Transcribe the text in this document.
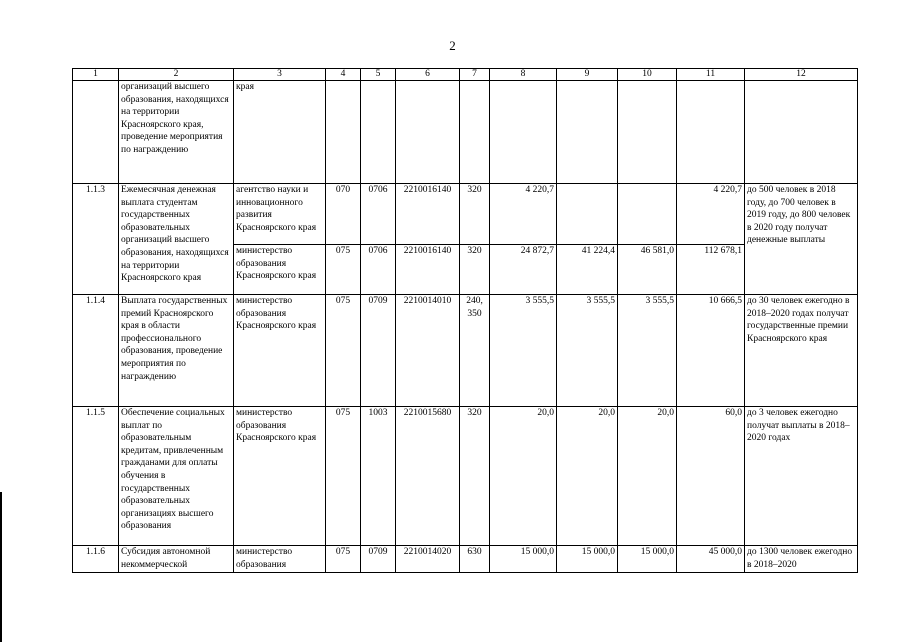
2
1	2	3	4	5	6	7	8	9	10	11	12
	организаций высшего образования, находящихся на территории Красноярского края, проведение мероприятия по награждению	края									
1.1.3	Ежемесячная денежная выплата студентам государственных образовательных организаций высшего образования, находящихся на территории Красноярского края	агентство науки и инновационного развития Красноярского края	070	0706	2210016140	320	4 220,7			4 220,7	до 500 человек в 2018 году, до 700 человек в 2019 году, до 800 человек в 2020 году получат денежные выплаты
		министерство образования Красноярского края	075	0706	2210016140	320	24 872,7	41 224,4	46 581,0	112 678,1	
1.1.4	Выплата государственных премий Красноярского края в области профессионального образования, проведение мероприятия по награждению	министерство образования Красноярского края	075	0709	2210014010	240, 350	3 555,5	3 555,5	3 555,5	10 666,5	до 30 человек ежегодно в 2018–2020 годах получат государственные премии Красноярского края
1.1.5	Обеспечение социальных выплат по образовательным кредитам, привлеченным гражданами для оплаты обучения в государственных образовательных организациях высшего образования	министерство образования Красноярского края	075	1003	2210015680	320	20,0	20,0	20,0	60,0	до 3 человек ежегодно получат выплаты в 2018–2020 годах
1.1.6	Субсидия автономной некоммерческой	министерство образования	075	0709	2210014020	630	15 000,0	15 000,0	15 000,0	45 000,0	до 1300 человек ежегодно в 2018–2020
